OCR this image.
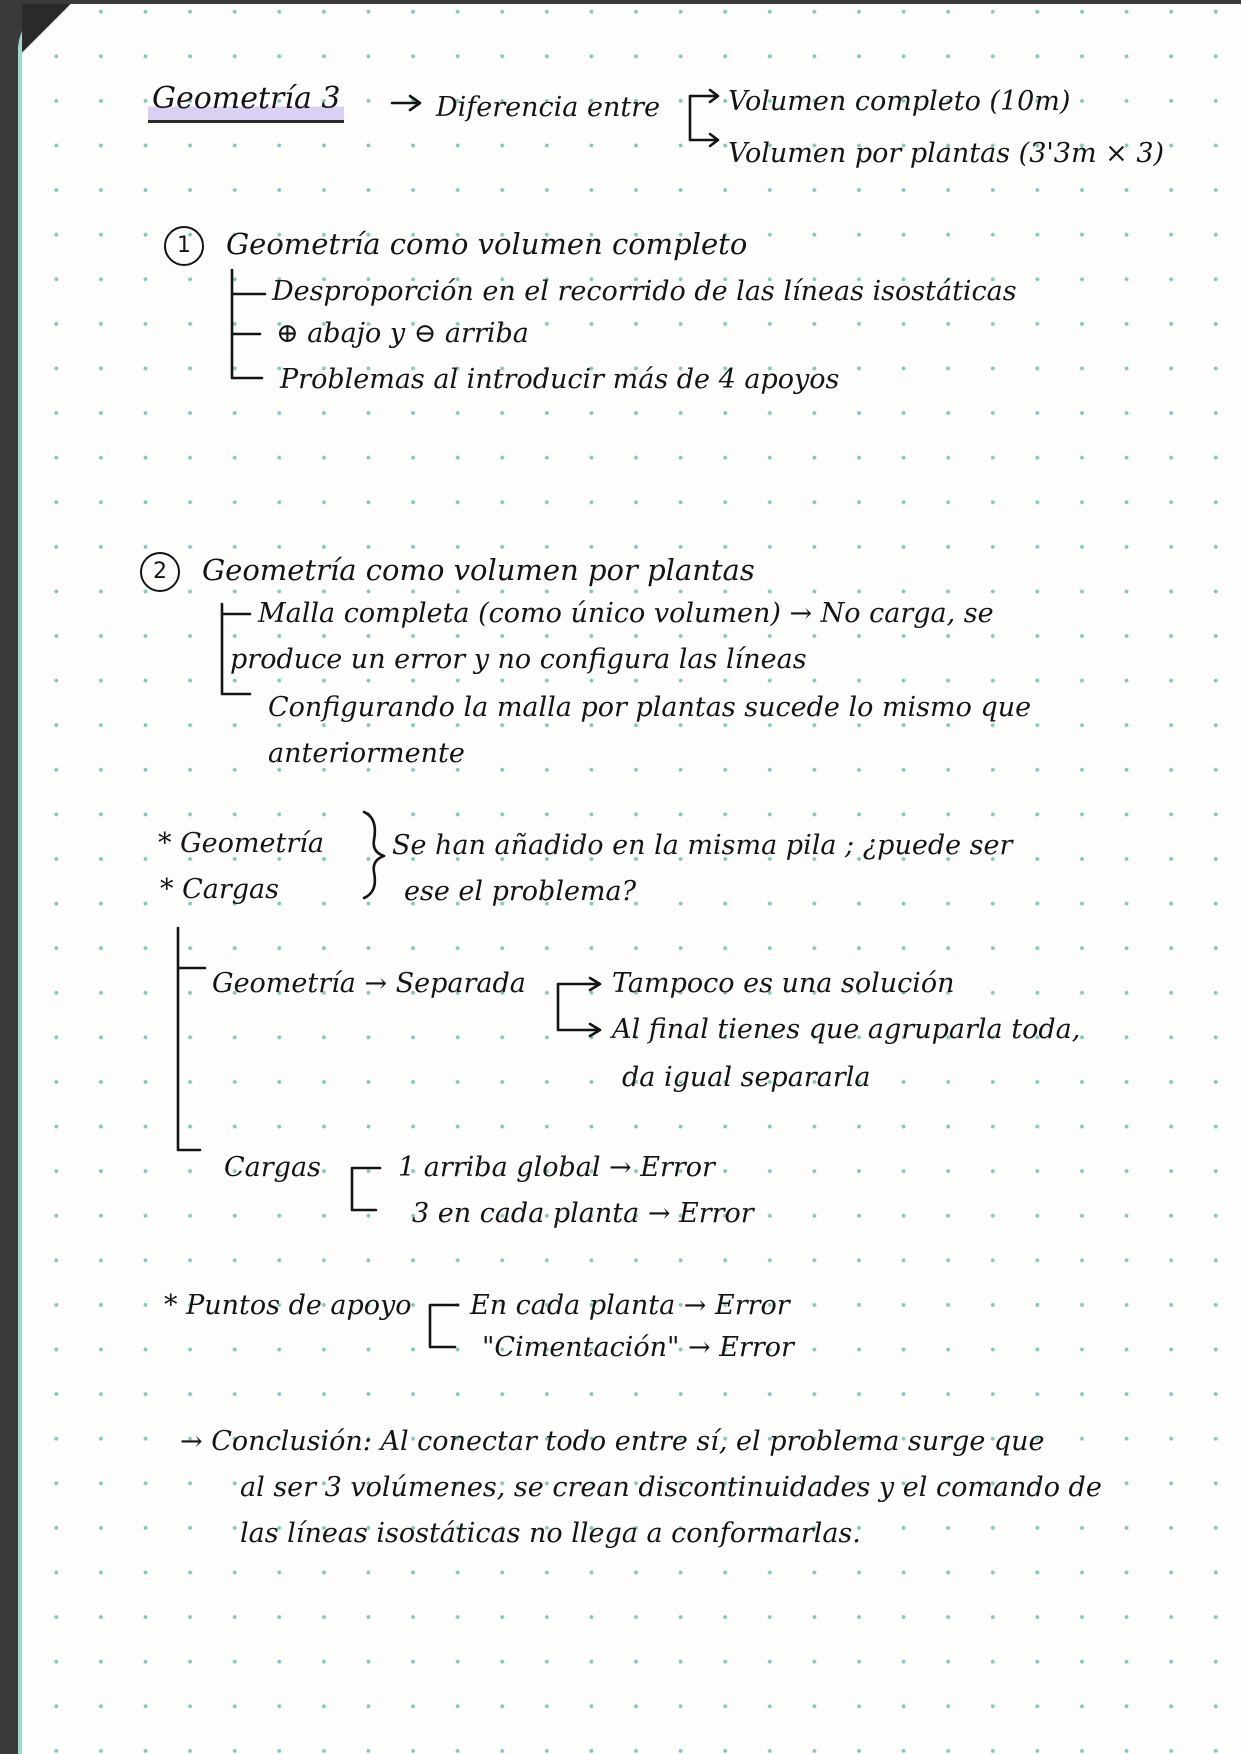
Geometría 3	Diferencia entre	Volumen completo (10m)
Volumen por plantas (3'3m × 3)
1	Geometría como volumen completo
Desproporción en el recorrido de las líneas isostáticas
⊕ abajo y ⊖ arriba
Problemas al introducir más de 4 apoyos
2	Geometría como volumen por plantas
Malla completa (como único volumen) → No carga, se
produce un error y no configura las líneas
Configurando la malla por plantas sucede lo mismo que
anteriormente
* Geometría
* Cargas
Se han añadido en la misma pila ; ¿puede ser
ese el problema?
Geometría → Separada	Tampoco es una solución
Al final tienes que agruparla toda,
da igual separarla
Cargas	1 arriba global → Error
3 en cada planta → Error
* Puntos de apoyo En cada planta → Error
"Cimentación" → Error
→ Conclusión: Al conectar todo entre sí, el problema surge que
al ser 3 volúmenes, se crean discontinuidades y el comando de
las líneas isostáticas no llega a conformarlas.
